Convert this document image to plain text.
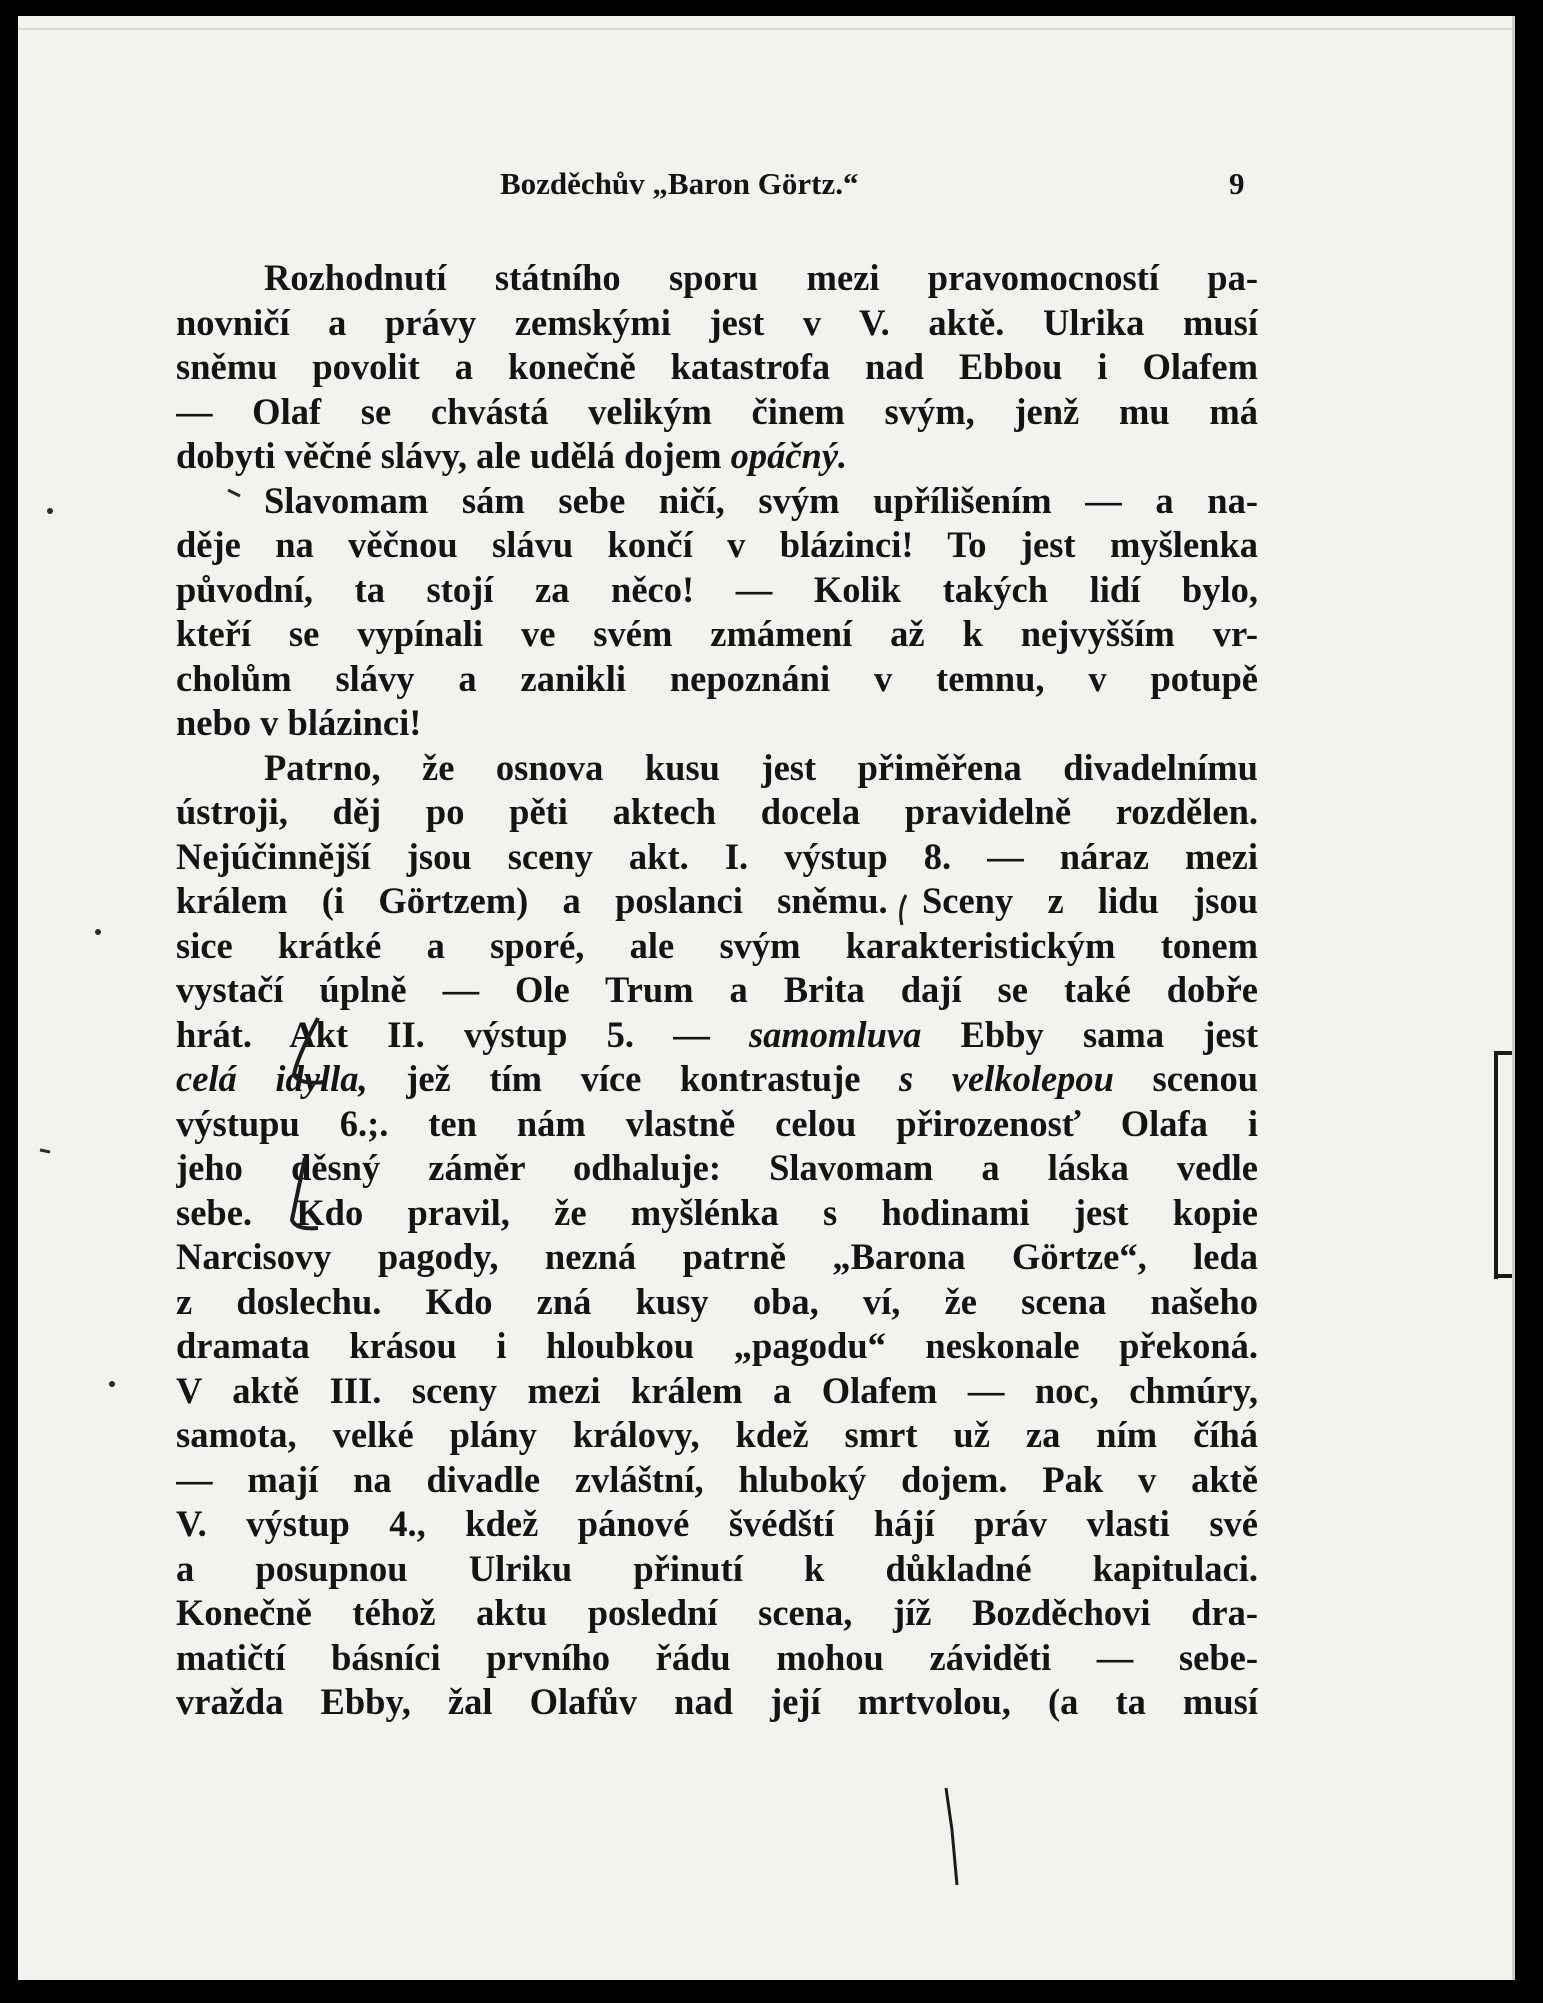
Bozděchův „Baron Görtz.“	9
Rozhodnutí státního sporu mezi pravomocností pa-
novničí a právy zemskými jest v V. aktě. Ulrika musí
sněmu povolit a konečně katastrofa nad Ebbou i Olafem
— Olaf se chvástá velikým činem svým, jenž mu má
dobyti věčné slávy, ale udělá dojem opáčný.
Slavomam sám sebe ničí, svým upřílišením — a na-
děje na věčnou slávu končí v blázinci! To jest myšlenka
původní, ta stojí za něco! — Kolik takých lidí bylo,
kteří se vypínali ve svém zmámení až k nejvyšším vr-
cholům slávy a zanikli nepoznáni v temnu, v potupě
nebo v blázinci!
Patrno, že osnova kusu jest přiměřena divadelnímu
ústroji, děj po pěti aktech docela pravidelně rozdělen.
Nejúčinnější jsou sceny akt. I. výstup 8. — náraz mezi
králem (i Görtzem) a poslanci sněmu. Sceny z lidu jsou
sice krátké a sporé, ale svým karakteristickým tonem
vystačí úplně — Ole Trum a Brita dají se také dobře
hrát. Akt II. výstup 5. — samomluva Ebby sama jest
celá idylla, jež tím více kontrastuje s velkolepou scenou
výstupu 6.;. ten nám vlastně celou přirozenosť Olafa i
jeho děsný záměr odhaluje: Slavomam a láska vedle
sebe. Kdo pravil, že myšlénka s hodinami jest kopie
Narcisovy pagody, nezná patrně „Barona Görtze“, leda
z doslechu. Kdo zná kusy oba, ví, že scena našeho
dramata krásou i hloubkou „pagodu“ neskonale překoná.
V aktě III. sceny mezi králem a Olafem — noc, chmúry,
samota, velké plány královy, kdež smrt už za ním číhá
— mají na divadle zvláštní, hluboký dojem. Pak v aktě
V. výstup 4., kdež pánové švédští hájí práv vlasti své
a posupnou Ulriku přinutí k důkladné kapitulaci.
Konečně téhož aktu poslední scena, jíž Bozděchovi dra-
matičtí básníci prvního řádu mohou záviděti — sebe-
vražda Ebby, žal Olafův nad její mrtvolou, (a ta musí
